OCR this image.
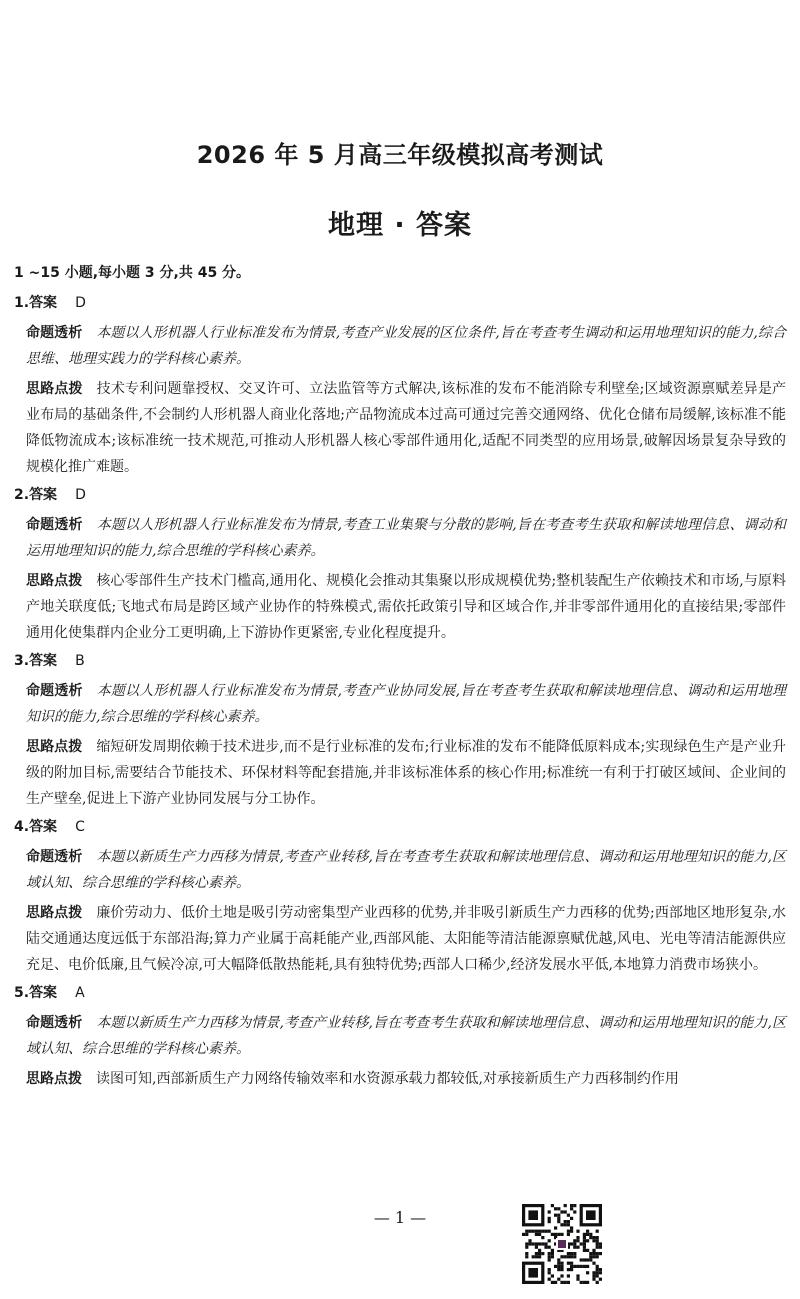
2026 年 5 月高三年级模拟高考测试
地理 · 答案
1 ~15 小题,每小题 3 分,共 45 分。
1.答案 D

命题透析 本题以人形机器人行业标准发布为情景,考查产业发展的区位条件,旨在考查考生调动和运用地理知识的能力,综合思维、地理实践力的学科核心素养。

思路点拨 技术专利问题靠授权、交叉许可、立法监管等方式解决,该标准的发布不能消除专利壁垒;区域资源禀赋差异是产业布局的基础条件,不会制约人形机器人商业化落地;产品物流成本过高可通过完善交通网络、优化仓储布局缓解,该标准不能降低物流成本;该标准统一技术规范,可推动人形机器人核心零部件通用化,适配不同类型的应用场景,破解因场景复杂导致的规模化推广难题。

2.答案 D

命题透析 本题以人形机器人行业标准发布为情景,考查工业集聚与分散的影响,旨在考查考生获取和解读地理信息、调动和运用地理知识的能力,综合思维的学科核心素养。

思路点拨 核心零部件生产技术门槛高,通用化、规模化会推动其集聚以形成规模优势;整机装配生产依赖技术和市场,与原料产地关联度低;飞地式布局是跨区域产业协作的特殊模式,需依托政策引导和区域合作,并非零部件通用化的直接结果;零部件通用化使集群内企业分工更明确,上下游协作更紧密,专业化程度提升。

3.答案 B

命题透析 本题以人形机器人行业标准发布为情景,考查产业协同发展,旨在考查考生获取和解读地理信息、调动和运用地理知识的能力,综合思维的学科核心素养。

思路点拨 缩短研发周期依赖于技术进步,而不是行业标准的发布;行业标准的发布不能降低原料成本;实现绿色生产是产业升级的附加目标,需要结合节能技术、环保材料等配套措施,并非该标准体系的核心作用;标准统一有利于打破区域间、企业间的生产壁垒,促进上下游产业协同发展与分工协作。

4.答案 C

命题透析 本题以新质生产力西移为情景,考查产业转移,旨在考查考生获取和解读地理信息、调动和运用地理知识的能力,区域认知、综合思维的学科核心素养。

思路点拨 廉价劳动力、低价土地是吸引劳动密集型产业西移的优势,并非吸引新质生产力西移的优势;西部地区地形复杂,水陆交通通达度远低于东部沿海;算力产业属于高耗能产业,西部风能、太阳能等清洁能源禀赋优越,风电、光电等清洁能源供应充足、电价低廉,且气候冷凉,可大幅降低散热能耗,具有独特优势;西部人口稀少,经济发展水平低,本地算力消费市场狭小。

5.答案 A

命题透析 本题以新质生产力西移为情景,考查产业转移,旨在考查考生获取和解读地理信息、调动和运用地理知识的能力,区域认知、综合思维的学科核心素养。

思路点拨 读图可知,西部新质生产力网络传输效率和水资源承载力都较低,对承接新质生产力西移制约作用

— 1 —
